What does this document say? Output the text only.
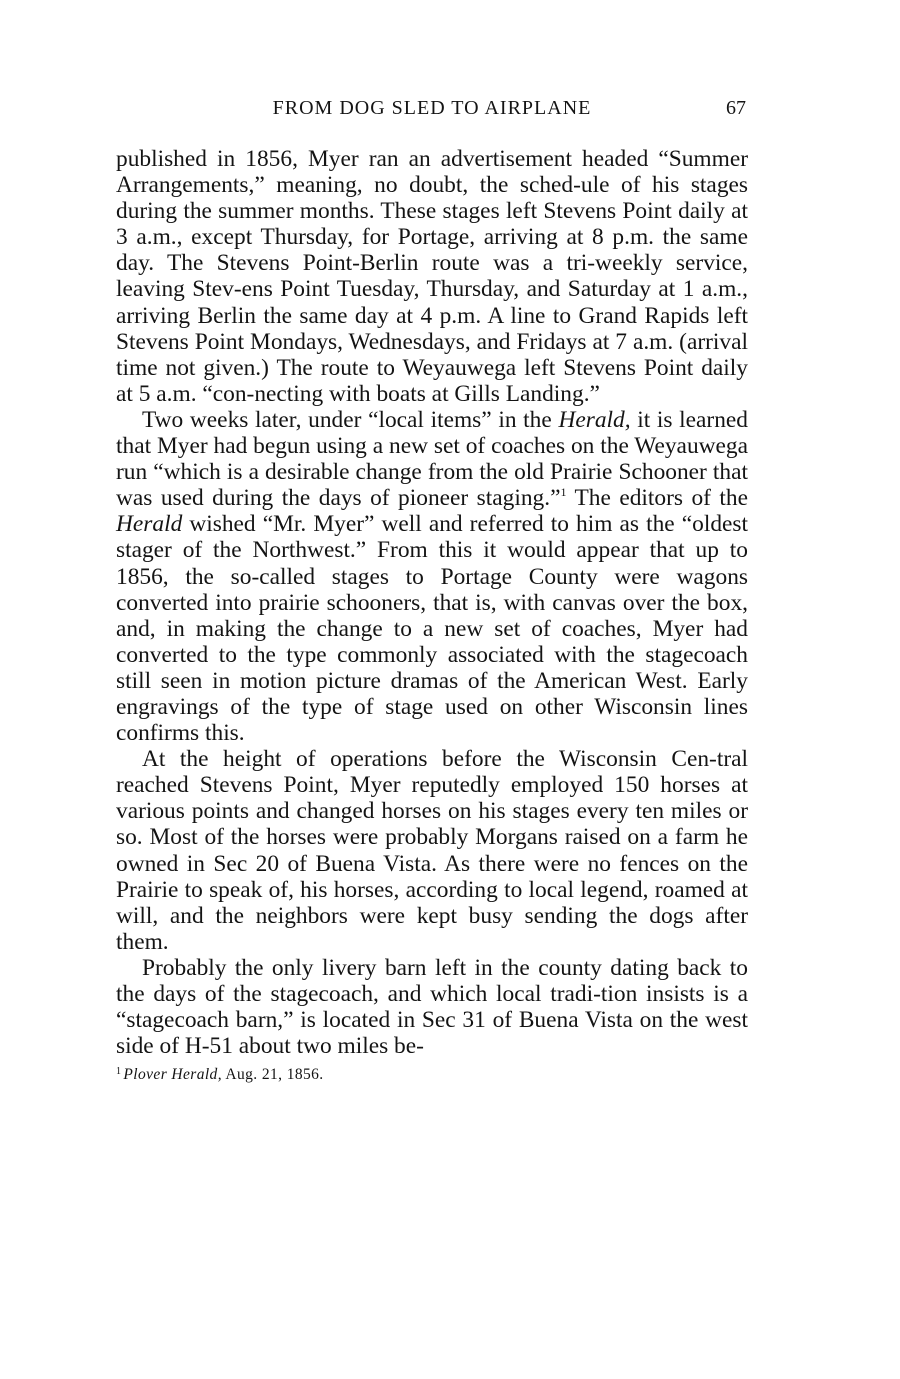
FROM DOG SLED TO AIRPLANE	67

published in 1856, Myer ran an advertisement headed “Summer Arrangements,” meaning, no doubt, the sched-ule of his stages during the summer months. These stages left Stevens Point daily at 3 a.m., except Thursday, for Portage, arriving at 8 p.m. the same day. The Stevens Point-Berlin route was a tri-weekly service, leaving Stev-ens Point Tuesday, Thursday, and Saturday at 1 a.m., arriving Berlin the same day at 4 p.m. A line to Grand Rapids left Stevens Point Mondays, Wednesdays, and Fridays at 7 a.m. (arrival time not given.) The route to Weyauwega left Stevens Point daily at 5 a.m. “con-necting with boats at Gills Landing.”

Two weeks later, under “local items” in the Herald, it is learned that Myer had begun using a new set of coaches on the Weyauwega run “which is a desirable change from the old Prairie Schooner that was used during the days of pioneer staging.”$^1$ The editors of the Herald wished “Mr. Myer” well and referred to him as the “oldest stager of the Northwest.” From this it would appear that up to 1856, the so-called stages to Portage County were wagons converted into prairie schooners, that is, with canvas over the box, and, in making the change to a new set of coaches, Myer had converted to the type commonly associated with the stagecoach still seen in motion picture dramas of the American West. Early engravings of the type of stage used on other Wisconsin lines confirms this.

At the height of operations before the Wisconsin Cen-tral reached Stevens Point, Myer reputedly employed 150 horses at various points and changed horses on his stages every ten miles or so. Most of the horses were probably Morgans raised on a farm he owned in Sec 20 of Buena Vista. As there were no fences on the Prairie to speak of, his horses, according to local legend, roamed at will, and the neighbors were kept busy sending the dogs after them.

Probably the only livery barn left in the county dating back to the days of the stagecoach, and which local tradi-tion insists is a “stagecoach barn,” is located in Sec 31 of Buena Vista on the west side of H-51 about two miles be-

$^1$ Plover Herald, Aug. 21, 1856.
